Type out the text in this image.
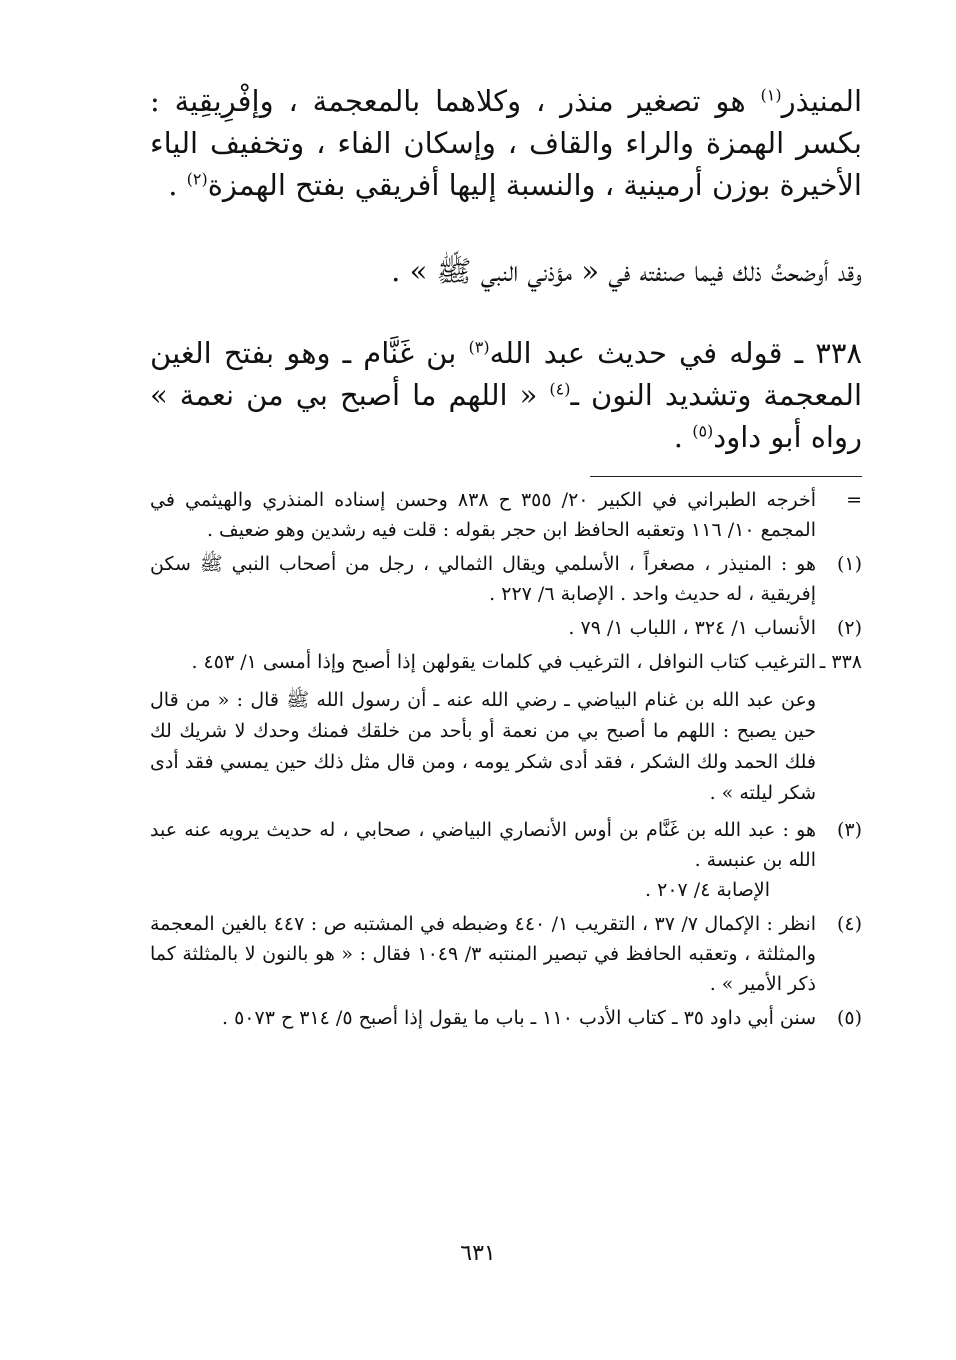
المنيذر$^{(١)}$ هو تصغير منذر ، وكلاهما بالمعجمة ، وإفْرِيقِية : بكسر الهمزة والراء والقاف ، وإسكان الفاء ، وتخفيف الياء الأخيرة بوزن أرمينية ، والنسبة إليها أفريقي بفتح الهمزة$^{(٢)}$ .

وقد أوضحتُ ذلك فيما صنفته في « مؤذني النبي ﷺ » .

٣٣٨ ـ قوله في حديث عبد الله$^{(٣)}$ بن غَنَّام ـ وهو بفتح الغين المعجمة وتشديد النون ـ$^{(٤)}$ « اللهم ما أصبح بي من نعمة » رواه أبو داود$^{(٥)}$ .

=
أخرجه الطبراني في الكبير ٢٠/ ٣٥٥ ح ٨٣٨ وحسن إسناده المنذري والهيثمي في المجمع ١٠/ ١١٦ وتعقبه الحافظ ابن حجر بقوله : قلت فيه رشدين وهو ضعيف .
(١)
هو : المنيذر ، مصغراً ، الأسلمي ويقال الثمالي ، رجل من أصحاب النبي ﷺ سكن إفريقية ، له حديث واحد . الإصابة ٦/ ٢٢٧ .
(٢)
الأنساب ١/ ٣٢٤ ، اللباب ١/ ٧٩ .
٣٣٨ ـ
الترغيب كتاب النوافل ، الترغيب في كلمات يقولهن إذا أصبح وإذا أمسى ١/ ٤٥٣ .
وعن عبد الله بن غنام البياضي ـ رضي الله عنه ـ أن رسول الله ﷺ قال : « من قال حين يصبح : اللهم ما أصبح بي من نعمة أو بأحد من خلقك فمنك وحدك لا شريك لك فلك الحمد ولك الشكر ، فقد أدى شكر يومه ، ومن قال مثل ذلك حين يمسي فقد أدى شكر ليلته » .
(٣)
هو : عبد الله بن غَنَّام بن أوس الأنصاري البياضي ، صحابي ، له حديث يرويه عنه عبد الله بن عنبسة .
الإصابة ٤/ ٢٠٧ .
(٤)
انظر : الإكمال ٧/ ٣٧ ، التقريب ١/ ٤٤٠ وضبطه في المشتبه ص : ٤٤٧ بالغين المعجمة والمثلثة ، وتعقبه الحافظ في تبصير المنتبه ٣/ ١٠٤٩ فقال : « هو بالنون لا بالمثلثة كما ذكر الأمير » .
(٥)
سنن أبي داود ٣٥ ـ كتاب الأدب ١١٠ ـ باب ما يقول إذا أصبح ٥/ ٣١٤ ح ٥٠٧٣ .
٦٣١
